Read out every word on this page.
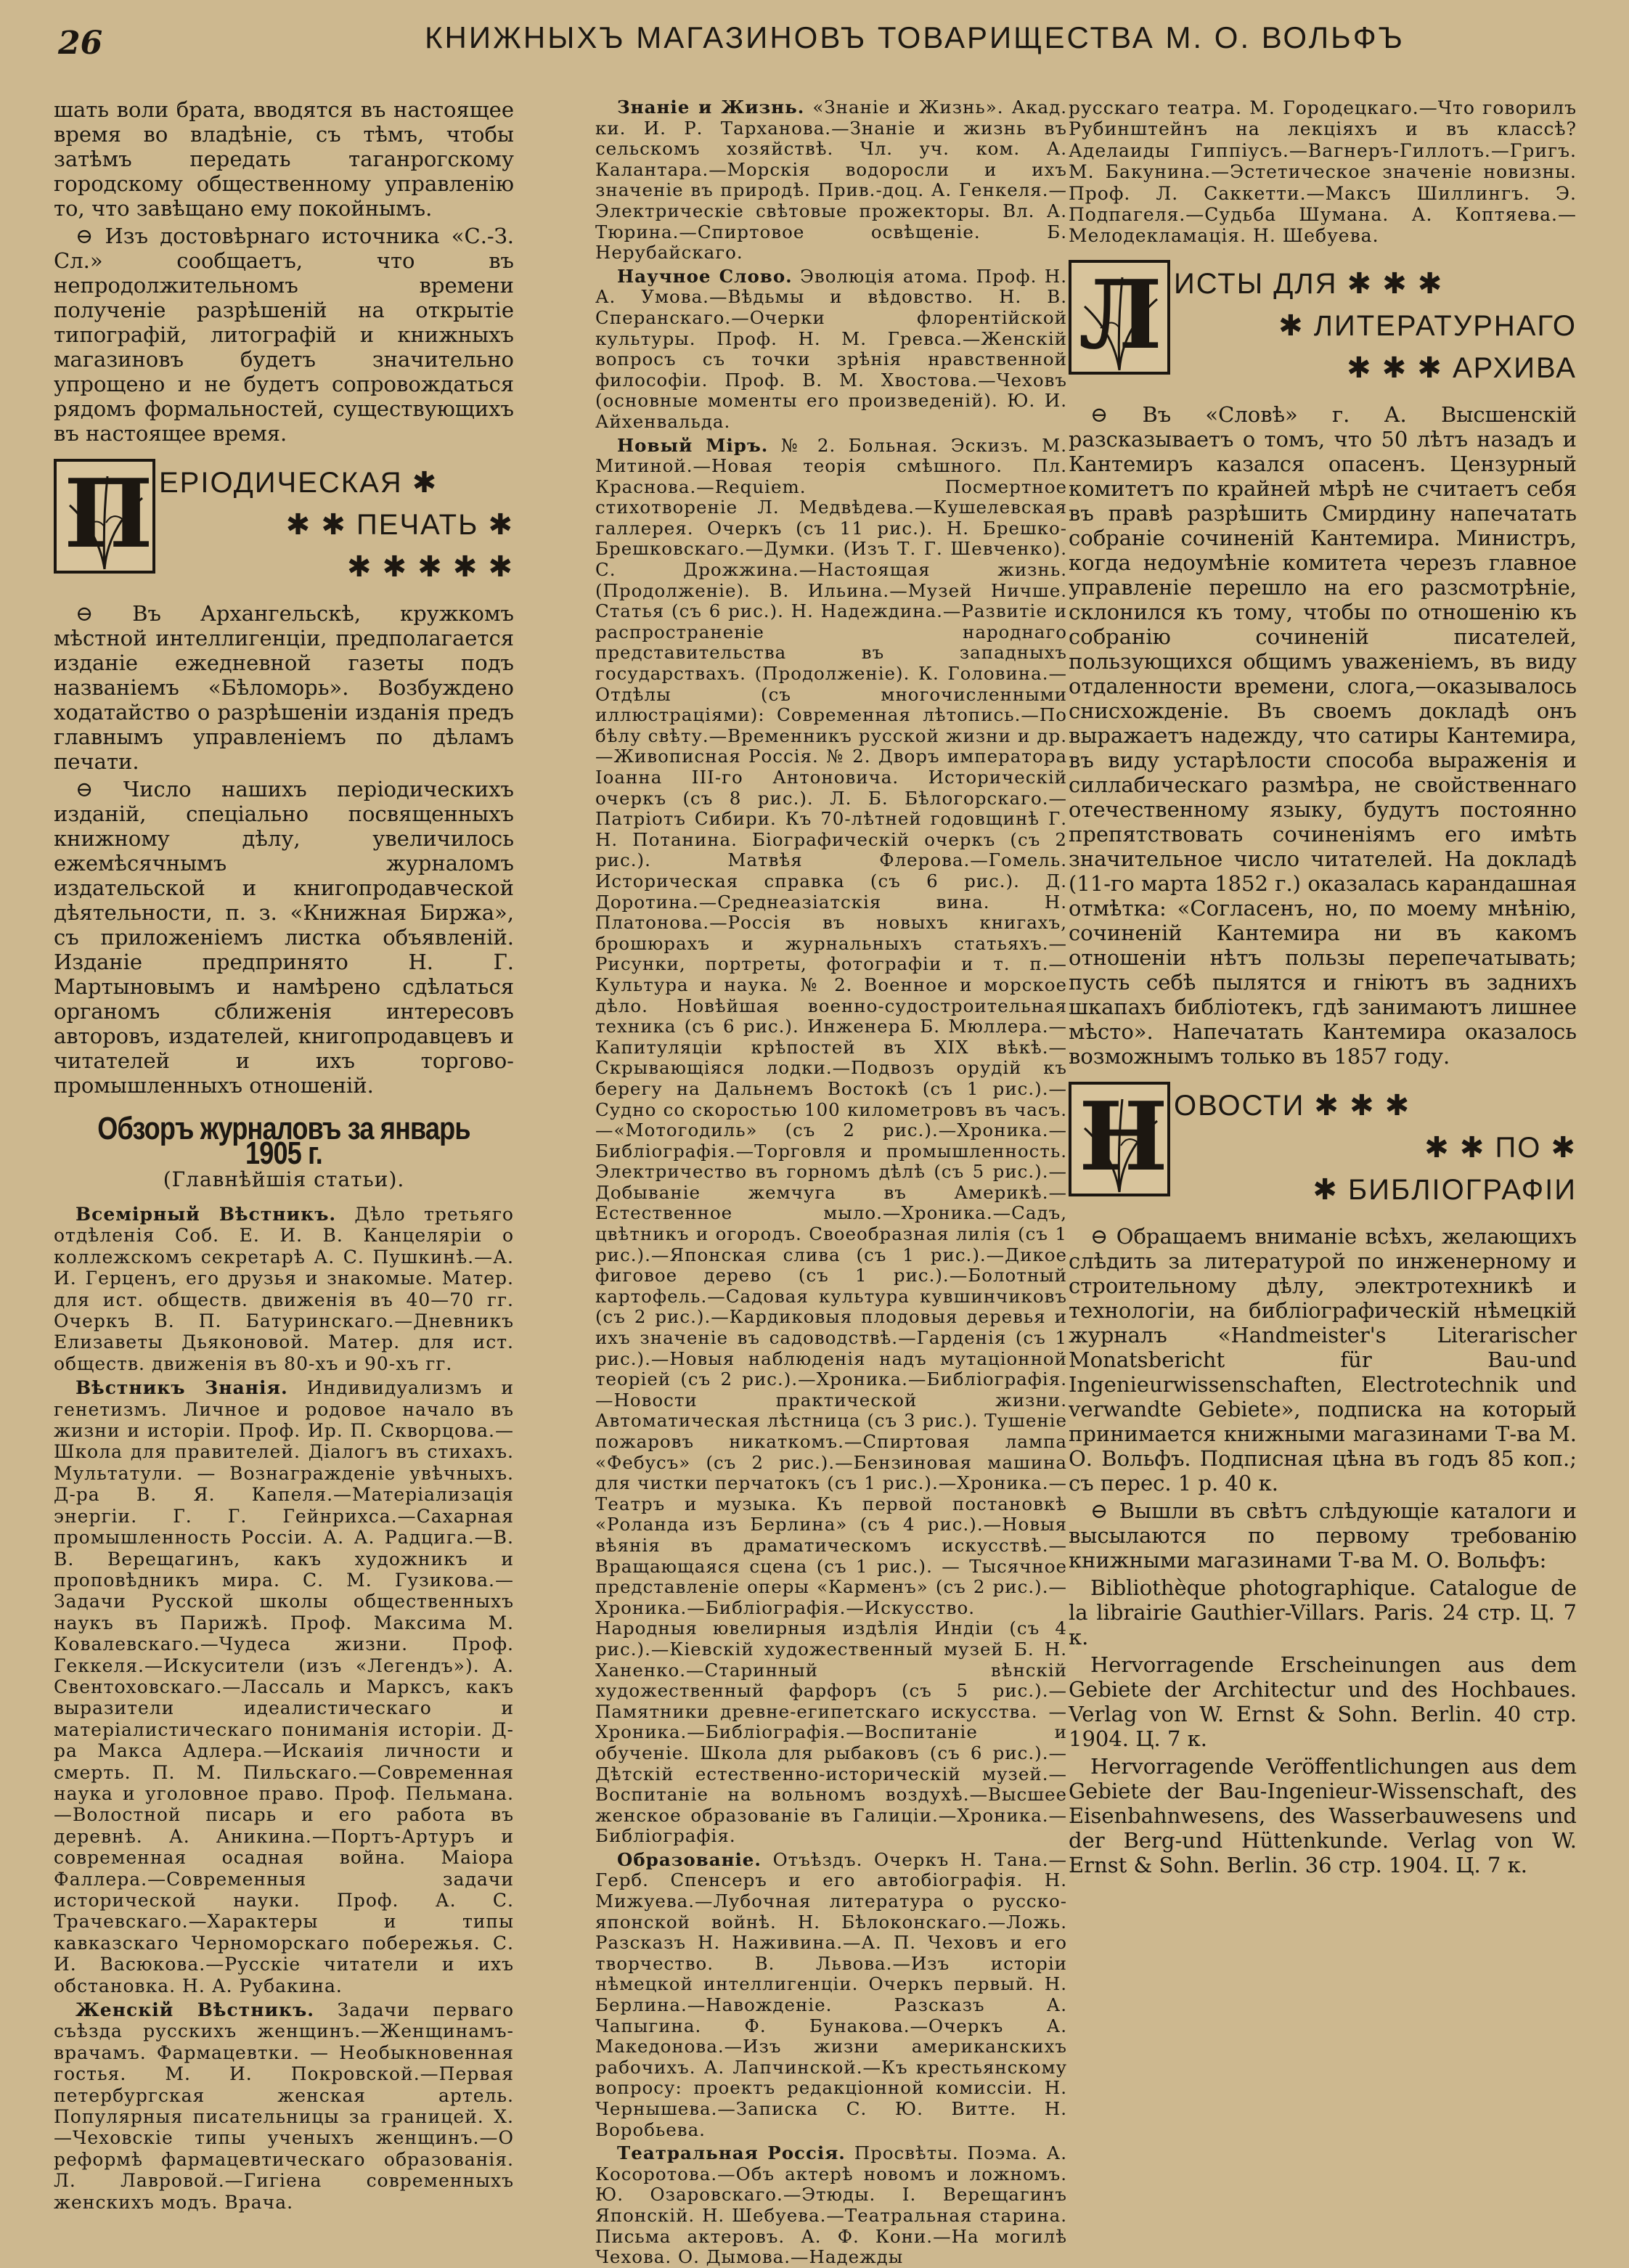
26	КНИЖНЫХЪ МАГАЗИНОВЪ ТОВАРИЩЕСТВА М. О. ВОЛЬФЪ

шать воли брата, вводятся въ настоящее время во владѣніе, съ тѣмъ, чтобы затѣмъ передать таганрогскому городскому общественному управленію то, что завѣщано ему покойнымъ.

⊖ Изъ достовѣрнаго источника «С.-З. Сл.» сообщаетъ, что въ непродолжительномъ времени полученіе разрѣшеній на открытіе типографій, литографій и книжныхъ магазиновъ будетъ значительно упрощено и не будетъ сопровождаться рядомъ формальностей, существующихъ въ настоящее время.

П ЕРІОДИЧЕСКАЯ ✱
✱ ✱ ПЕЧАТЬ ✱
✱ ✱ ✱ ✱ ✱

⊖ Въ Архангельскѣ, кружкомъ мѣстной интеллигенціи, предполагается изданіе ежедневной газеты подъ названіемъ «Бѣломорь». Возбуждено ходатайство о разрѣшеніи изданія предъ главнымъ управленіемъ по дѣламъ печати.

⊖ Число нашихъ періодическихъ изданій, спеціально посвященныхъ книжному дѣлу, увеличилось ежемѣсячнымъ журналомъ издательской и книгопродавческой дѣятельности, п. з. «Книжная Биржа», съ приложеніемъ листка объявленій. Изданіе предпринято Н. Г. Мартыновымъ и намѣрено сдѣлаться органомъ сближенія интересовъ авторовъ, издателей, книгопродавцевъ и читателей и ихъ торгово-промышленныхъ отношеній.

Обзоръ журналовъ за январь 1905 г.
(Главнѣйшія статьи).

Всемірный Вѣстникъ. Дѣло третьяго отдѣленія Соб. Е. И. В. Канцеляріи о коллежскомъ секретарѣ А. С. Пушкинѣ.—А. И. Герценъ, его друзья и знакомые. Матер. для ист. обществ. движенія въ 40—70 гг. Очеркъ В. П. Батуринскаго.—Дневникъ Елизаветы Дьяконовой. Матер. для ист. обществ. движенія въ 80-хъ и 90-хъ гг.

Вѣстникъ Знанія. Индивидуализмъ и генетизмъ. Личное и родовое начало въ жизни и исторіи. Проф. Ир. П. Скворцова.—Школа для правителей. Діалогъ въ стихахъ. Мультатули. — Вознагражденіе увѣчныхъ. Д-ра В. Я. Капеля.—Матеріализація энергіи. Г. Г. Гейнрихса.—Сахарная промышленность Россіи. А. А. Радцига.—В. В. Верещагинъ, какъ художникъ и проповѣдникъ мира. С. М. Гузикова.—Задачи Русской школы общественныхъ наукъ въ Парижѣ. Проф. Максима М. Ковалевскаго.—Чудеса жизни. Проф. Геккеля.—Искусители (изъ «Легендъ»). А. Свентоховскаго.—Лассаль и Марксъ, какъ выразители идеалистическаго и матеріалистическаго пониманія исторіи. Д-ра Макса Адлера.—Искаиія личности и смерть. П. М. Пильскаго.—Современная наука и уголовное право. Проф. Пельмана.—Волостной писарь и его работа въ деревнѣ. А. Аникина.—Портъ-Артуръ и современная осадная война. Маіора Фаллера.—Современныя задачи исторической науки. Проф. А. С. Трачевскаго.—Характеры и типы кавказскаго Черноморскаго побережья. С. И. Васюкова.—Русскіе читатели и ихъ обстановка. Н. А. Рубакина.

Женскій Вѣстникъ. Задачи перваго съѣзда русскихъ женщинъ.—Женщинамъ-врачамъ. Фармацевтки. — Необыкновенная гостья. М. И. Покровской.—Первая петербургская женская артель. Популярныя писательницы за границей. Х.—Чеховскіе типы ученыхъ женщинъ.—О реформѣ фармацевтическаго образованія. Л. Лавровой.—Гигіена современныхъ женскихъ модъ. Врача.

Знаніе и Жизнь. «Знаніе и Жизнь». Акад. ки. И. Р. Тарханова.—Знаніе и жизнь въ сельскомъ хозяйствѣ. Чл. уч. ком. А. Калантара.—Морскія водоросли и ихъ значеніе въ природѣ. Прив.-доц. А. Генкеля.—Электрическіе свѣтовые прожекторы. Вл. А. Тюрина.—Спиртовое освѣщеніе. Б. Нерубайскаго.

Научное Слово. Эволюція атома. Проф. Н. А. Умова.—Вѣдьмы и вѣдовство. Н. В. Сперанскаго.—Очерки флорентійской культуры. Проф. Н. М. Гревса.—Женскій вопросъ съ точки зрѣнія нравственной философіи. Проф. В. М. Хвостова.—Чеховъ (основные моменты его произведеній). Ю. И. Айхенвальда.

Новый Міръ. № 2. Больная. Эскизъ. М. Митиной.—Новая теорія смѣшного. Пл. Краснова.—Requiem. Посмертное стихотвореніе Л. Медвѣдева.—Кушелевская галлерея. Очеркъ (съ 11 рис.). Н. Брешко-Брешковскаго.—Думки. (Изъ Т. Г. Шевченко). С. Дрожжина.—Настоящая жизнь. (Продолженіе). В. Ильина.—Музей Ничше. Статья (съ 6 рис.). Н. Надеждина.—Развитіе и распространеніе народнаго представительства въ западныхъ государствахъ. (Продолженіе). К. Головина.—Отдѣлы (съ многочисленными иллюстраціями): Современная лѣтопись.—По бѣлу свѣту.—Временникъ русской жизни и др.—Живописная Россія. № 2. Дворъ императора Іоанна III-го Антоновича. Историческій очеркъ (съ 8 рис.). Л. Б. Бѣлогорскаго.—Патріотъ Сибири. Къ 70-лѣтней годовщинѣ Г. Н. Потанина. Біографическій очеркъ (съ 2 рис.). Матвѣя Флерова.—Гомель. Историческая справка (съ 6 рис.). Д. Доротина.—Среднеазіатскія вина. Н. Платонова.—Россія въ новыхъ книгахъ, брошюрахъ и журнальныхъ статьяхъ.—Рисунки, портреты, фотографіи и т. п.—Культура и наука. № 2. Военное и морское дѣло. Новѣйшая военно-судостроительная техника (съ 6 рис.). Инженера Б. Мюллера.—Капитуляціи крѣпостей въ XIX вѣкѣ.—Скрывающіяся лодки.—Подвозъ орудій къ берегу на Дальнемъ Востокѣ (съ 1 рис.).—Судно со скоростью 100 километровъ въ часъ.—«Мотогодиль» (съ 2 рис.).—Хроника.—Библіографія.—Торговля и промышленность. Электричество въ горномъ дѣлѣ (съ 5 рис.).—Добываніе жемчуга въ Америкѣ.—Естественное мыло.—Хроника.—Садъ, цвѣтникъ и огородъ. Своеобразная лилія (съ 1 рис.).—Японская слива (съ 1 рис.).—Дикое фиговое дерево (съ 1 рис.).—Болотный картофель.—Садовая культура кувшинчиковъ (съ 2 рис.).—Кардиковыя плодовыя деревья и ихъ значеніе въ садоводствѣ.—Гарденія (съ 1 рис.).—Новыя наблюденія надъ мутаціонной теоріей (съ 2 рис.).—Хроника.—Библіографія.—Новости практической жизни. Автоматическая лѣстница (съ 3 рис.). Тушеніе пожаровъ никаткомъ.—Спиртовая лампа «Фебусъ» (съ 2 рис.).—Бензиновая машина для чистки перчатокъ (съ 1 рис.).—Хроника.—Театръ и музыка. Къ первой постановкѣ «Роланда изъ Берлина» (съ 4 рис.).—Новыя вѣянія въ драматическомъ искусствѣ.—Вращающаяся сцена (съ 1 рис.). — Тысячное представленіе оперы «Карменъ» (съ 2 рис.).—Хроника.—Библіографія.—Искусство. Народныя ювелирныя издѣлія Индіи (съ 4 рис.).—Кіевскій художественный музей Б. Н. Ханенко.—Старинный вѣнскій художественный фарфоръ (съ 5 рис.).—Памятники древне-египетскаго искусства. — Хроника.—Библіографія.—Воспитаніе и обученіе. Школа для рыбаковъ (съ 6 рис.).—Дѣтскій естественно-историческій музей.—Воспитаніе на вольномъ воздухѣ.—Высшее женское образованіе въ Галиціи.—Хроника.—Библіографія.

Образованіе. Отъѣздъ. Очеркъ Н. Тана.—Герб. Спенсеръ и его автобіографія. Н. Мижуева.—Лубочная литература о русско-японской войнѣ. Н. Бѣлоконскаго.—Ложь. Разсказъ Н. Наживина.—А. П. Чеховъ и его творчество. В. Львова.—Изъ исторіи нѣмецкой интеллигенціи. Очеркъ первый. Н. Берлина.—Навожденіе. Разсказъ А. Чапыгина. Ф. Бунакова.—Очеркъ А. Македонова.—Изъ жизни американскихъ рабочихъ. А. Лапчинской.—Къ крестьянскому вопросу: проектъ редакціонной комиссіи. Н. Чернышева.—Записка С. Ю. Витте. Н. Воробьева.

Театральная Россія. Просвѣты. Поэма. А. Косоротова.—Объ актерѣ новомъ и ложномъ. Ю. Озаровскаго.—Этюды. I. Верещагинъ Японскій. Н. Шебуева.—Театральная старина. Письма актеровъ. А. Ф. Кони.—На могилѣ Чехова. О. Дымова.—Надежды

русскаго театра. М. Городецкаго.—Что говорилъ Рубинштейнъ на лекціяхъ и въ классѣ? Аделаиды Гиппіусъ.—Вагнеръ-Гиллотъ.—Григъ. М. Бакунина.—Эстетическое значеніе новизны. Проф. Л. Саккетти.—Максъ Шиллингъ. Э. Подпагеля.—Судьба Шумана. А. Коптяева.—Мелодекламація. Н. Шебуева.

Л ИСТЫ ДЛЯ ✱ ✱ ✱
✱ ЛИТЕРАТУРНАГО
✱ ✱ ✱ АРХИВА

⊖ Въ «Словѣ» г. А. Высшенскій разсказываетъ о томъ, что 50 лѣтъ назадъ и Кантемиръ казался опасенъ. Цензурный комитетъ по крайней мѣрѣ не считаетъ себя въ правѣ разрѣшить Смирдину напечатать собраніе сочиненій Кантемира. Министръ, когда недоумѣніе комитета черезъ главное управленіе перешло на его разсмотрѣніе, склонился къ тому, чтобы по отношенію къ собранію сочиненій писателей, пользующихся общимъ уваженіемъ, въ виду отдаленности времени, слога,—оказывалось снисхожденіе. Въ своемъ докладѣ онъ выражаетъ надежду, что сатиры Кантемира, въ виду устарѣлости способа выраженія и силлабическаго размѣра, не свойственнаго отечественному языку, будутъ постоянно препятствовать сочиненіямъ его имѣть значительное число читателей. На докладѣ (11-го марта 1852 г.) оказалась карандашная отмѣтка: «Согласенъ, но, по моему мнѣнію, сочиненій Кантемира ни въ какомъ отношеніи нѣтъ пользы перепечатывать; пусть себѣ пылятся и гніютъ въ заднихъ шкапахъ библіотекъ, гдѣ занимаютъ лишнее мѣсто». Напечатать Кантемира оказалось возможнымъ только въ 1857 году.

Н ОВОСТИ ✱ ✱ ✱
✱ ✱ ПО ✱
✱ БИБЛІОГРАФІИ

⊖ Обращаемъ вниманіе всѣхъ, желающихъ слѣдить за литературой по инженерному и строительному дѣлу, электротехникѣ и технологіи, на библіографическій нѣмецкій журналъ «Handmeister's Literarischer Monatsbericht für Bau-und Ingenieurwissenschaften, Electrotechnik und verwandte Gebiete», подписка на который принимается книжными магазинами Т-ва М. О. Вольфъ. Подписная цѣна въ годъ 85 коп.; съ перес. 1 р. 40 к.

⊖ Вышли въ свѣтъ слѣдующіе каталоги и высылаются по первому требованію книжными магазинами Т-ва М. О. Вольфъ:

Bibliothèque photographique. Catalogue de la librairie Gauthier-Villars. Paris. 24 стр. Ц. 7 к.

Hervorragende Erscheinungen aus dem Gebiete der Architectur und des Hochbaues. Verlag von W. Ernst & Sohn. Berlin. 40 стр. 1904. Ц. 7 к.

Hervorragende Veröffentlichungen aus dem Gebiete der Bau-Ingenieur-Wissenschaft, des Eisenbahnwesens, des Wasserbauwesens und der Berg-und Hüttenkunde. Verlag von W. Ernst & Sohn. Berlin. 36 стр. 1904. Ц. 7 к.
